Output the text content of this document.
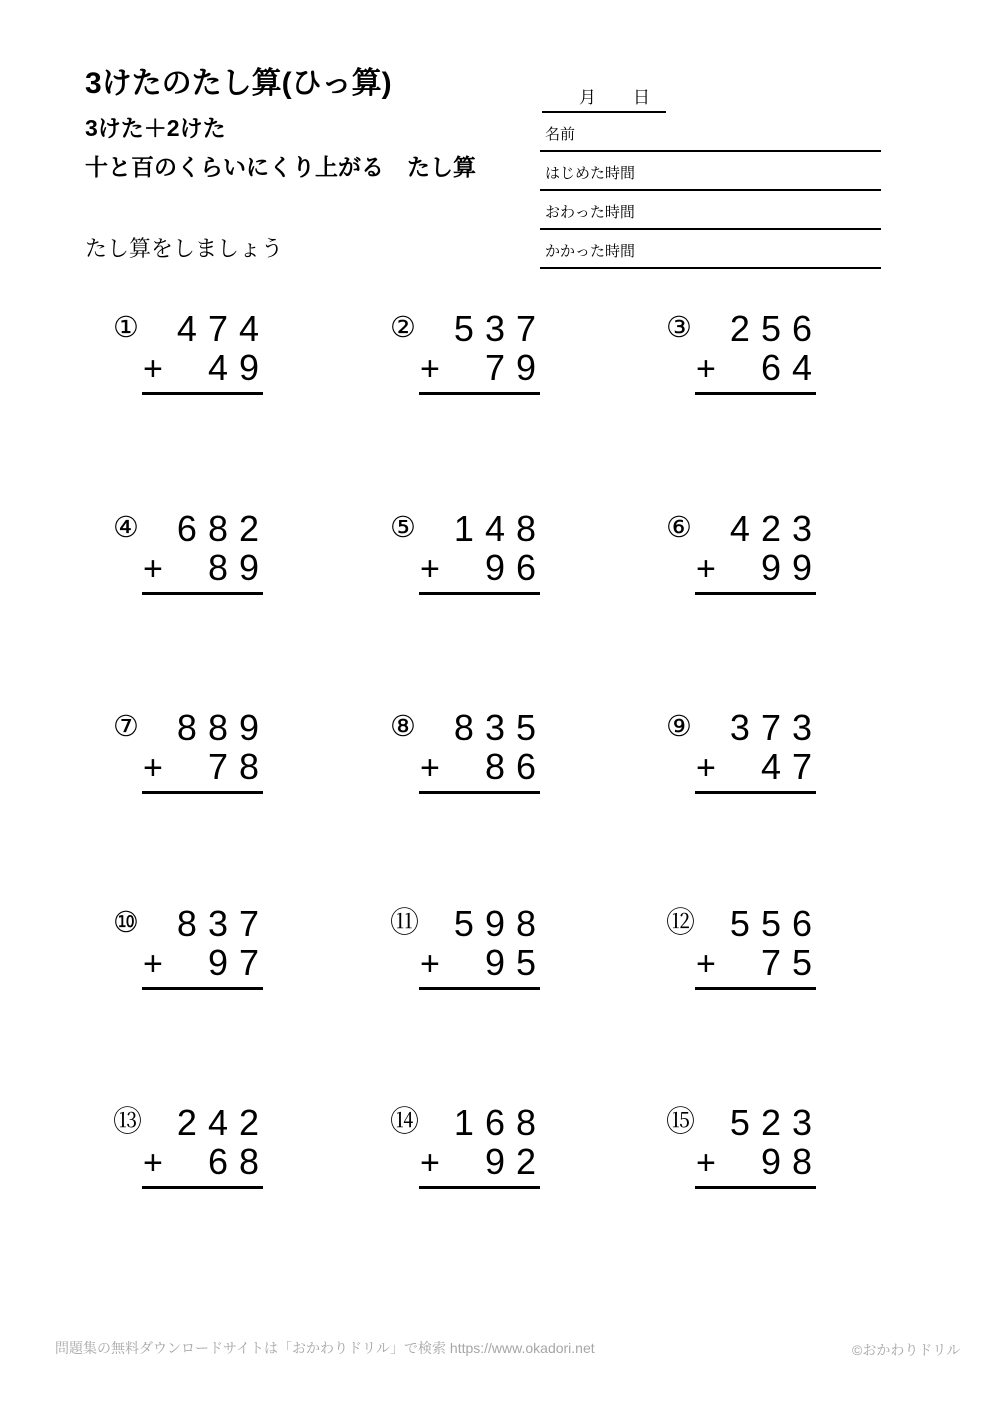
3けたのたし算(ひっ算)
3けた＋2けた
十と百のくらいにくり上がる　たし算
たし算をしましょう
月 日
名前
はじめた時間
おわった時間
かかった時間
①	474
+ 49
②	537
+ 79
③	256
+ 64
④	682
+ 89
⑤	148
+ 96
⑥	423
+ 99
⑦	889
+ 78
⑧	835
+ 86
⑨	373
+ 47
⑩	837
+ 97
⑪ 598
+ 95
⑫ 556
+ 75
⑬ 242
+ 68
⑭ 168
+ 92
⑮ 523
+ 98
問題集の無料ダウンロードサイトは「おかわりドリル」で検索 https://www.okadori.net	©おかわりドリル
